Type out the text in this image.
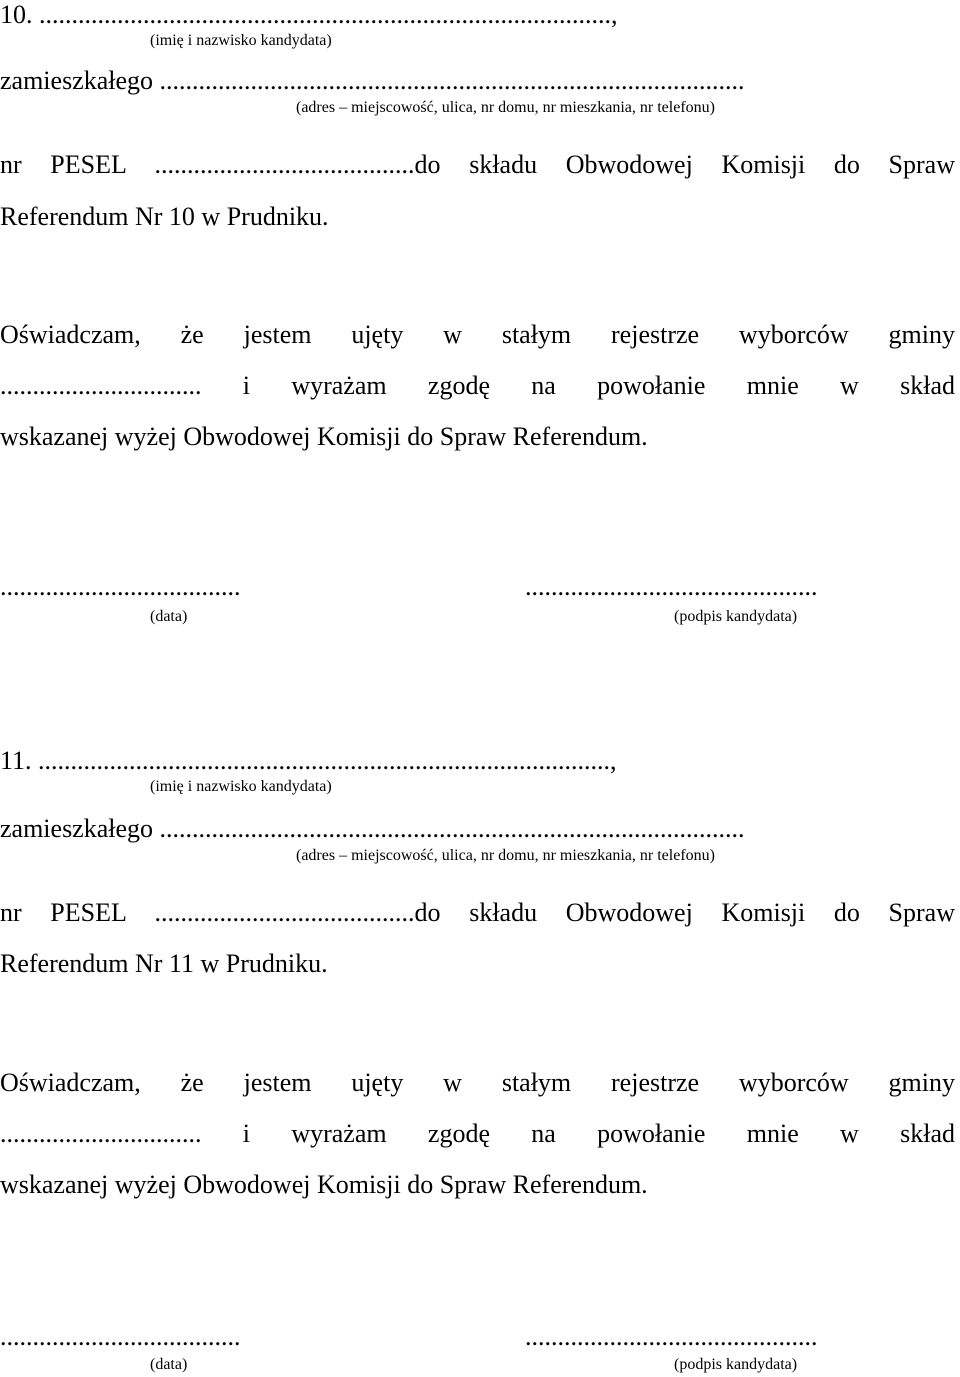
10. ........................................................................................,
(imię i nazwisko kandydata)
zamieszkałego ..........................................................................................
(adres – miejscowość, ulica, nr domu, nr mieszkania, nr telefonu)
nr PESEL ........................................do składu Obwodowej Komisji do Spraw
Referendum Nr 10 w Prudniku.
Oświadczam, że jestem ujęty w stałym rejestrze wyborców gminy
............................... i wyrażam zgodę na powołanie mnie w skład
wskazanej wyżej Obwodowej Komisji do Spraw Referendum.
.....................................
(data)
.............................................
(podpis kandydata)
11. ........................................................................................,
(imię i nazwisko kandydata)
zamieszkałego ..........................................................................................
(adres – miejscowość, ulica, nr domu, nr mieszkania, nr telefonu)
nr PESEL ........................................do składu Obwodowej Komisji do Spraw
Referendum Nr 11 w Prudniku.
Oświadczam, że jestem ujęty w stałym rejestrze wyborców gminy
............................... i wyrażam zgodę na powołanie mnie w skład
wskazanej wyżej Obwodowej Komisji do Spraw Referendum.
.....................................
(data)
.............................................
(podpis kandydata)
